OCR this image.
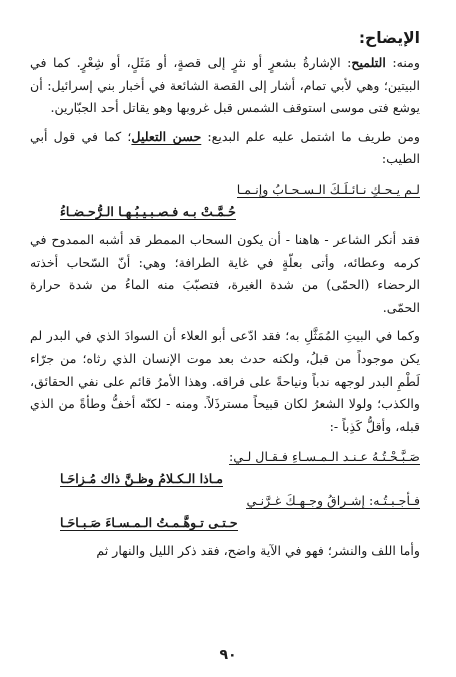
الإيضاح:

ومنه: التلميح: الإشارةُ بشعرٍ أو نثرٍ إلى قصةٍ، أو مَثَلٍ، أو شِعْرٍ. كما في البيتين؛ وهي لأبي تمام، أشار إلى القصة الشائعة في أخبار بني إسرائيل: أن يوشع فتى موسى استوقف الشمس قبل غروبها وهو يقاتل أحد الجبّارين.

ومن طريف ما اشتمل عليه علم البديع: حسن التعليل؛ كما في قول أبي الطيب:

لـم يـحـكِ نـائـلَـكَ الـسـحـابُ وإنـمـا
حُـمَّـتْ بـه فـصـبـيـبُـهـا الـرُّحـضـاءُ

فقد أنكر الشاعر - هاهنا - أن يكون السحاب الممطر قد أشبه الممدوح في كرمه وعطائه، وأتى بعلّةٍ في غاية الطرافة؛ وهي: أنّ السّحاب أخذته الرحضاء (الحمّى) من شدة الغيرة، فتصبّبَ منه الماءُ من شدة حرارة الحمّى.

وكما في البيتِ المُمَثَّلِ به؛ فقد ادّعى أبو العلاء أن السوادَ الذي في البدر لم يكن موجوداً من قبلُ، ولكنه حدث بعد موت الإنسان الذي رثاه؛ من جرّاء لَطْمِ البدر لوجهه ندباً ونياحةً على فراقه. وهذا الأمرُ قائم على نفي الحقائق، والكذب؛ ولولا الشعرُ لكان قبيحاً مسترذَلاً. ومنه - لكنّه أخفُّ وطأةً من الذي قبله، وأقلُّ كَذِباً -:

صَـبَّـحْـتُـهُ عـنـد الـمـسـاءِ فـقـال لـي:
مـاذا الـكـلامُ وظـنَّ ذاك مُـزاحَـا
فـأجـبـتُـه: إشـراقُ وجـهـكَ غـرَّنـي
حـتـى تـوهَّـمـتُ الـمـسـاءَ صَـبـاحَـا

وأما اللف والنشر؛ فهو في الآية واضح، فقد ذكر الليل والنهار ثم

٩٠
